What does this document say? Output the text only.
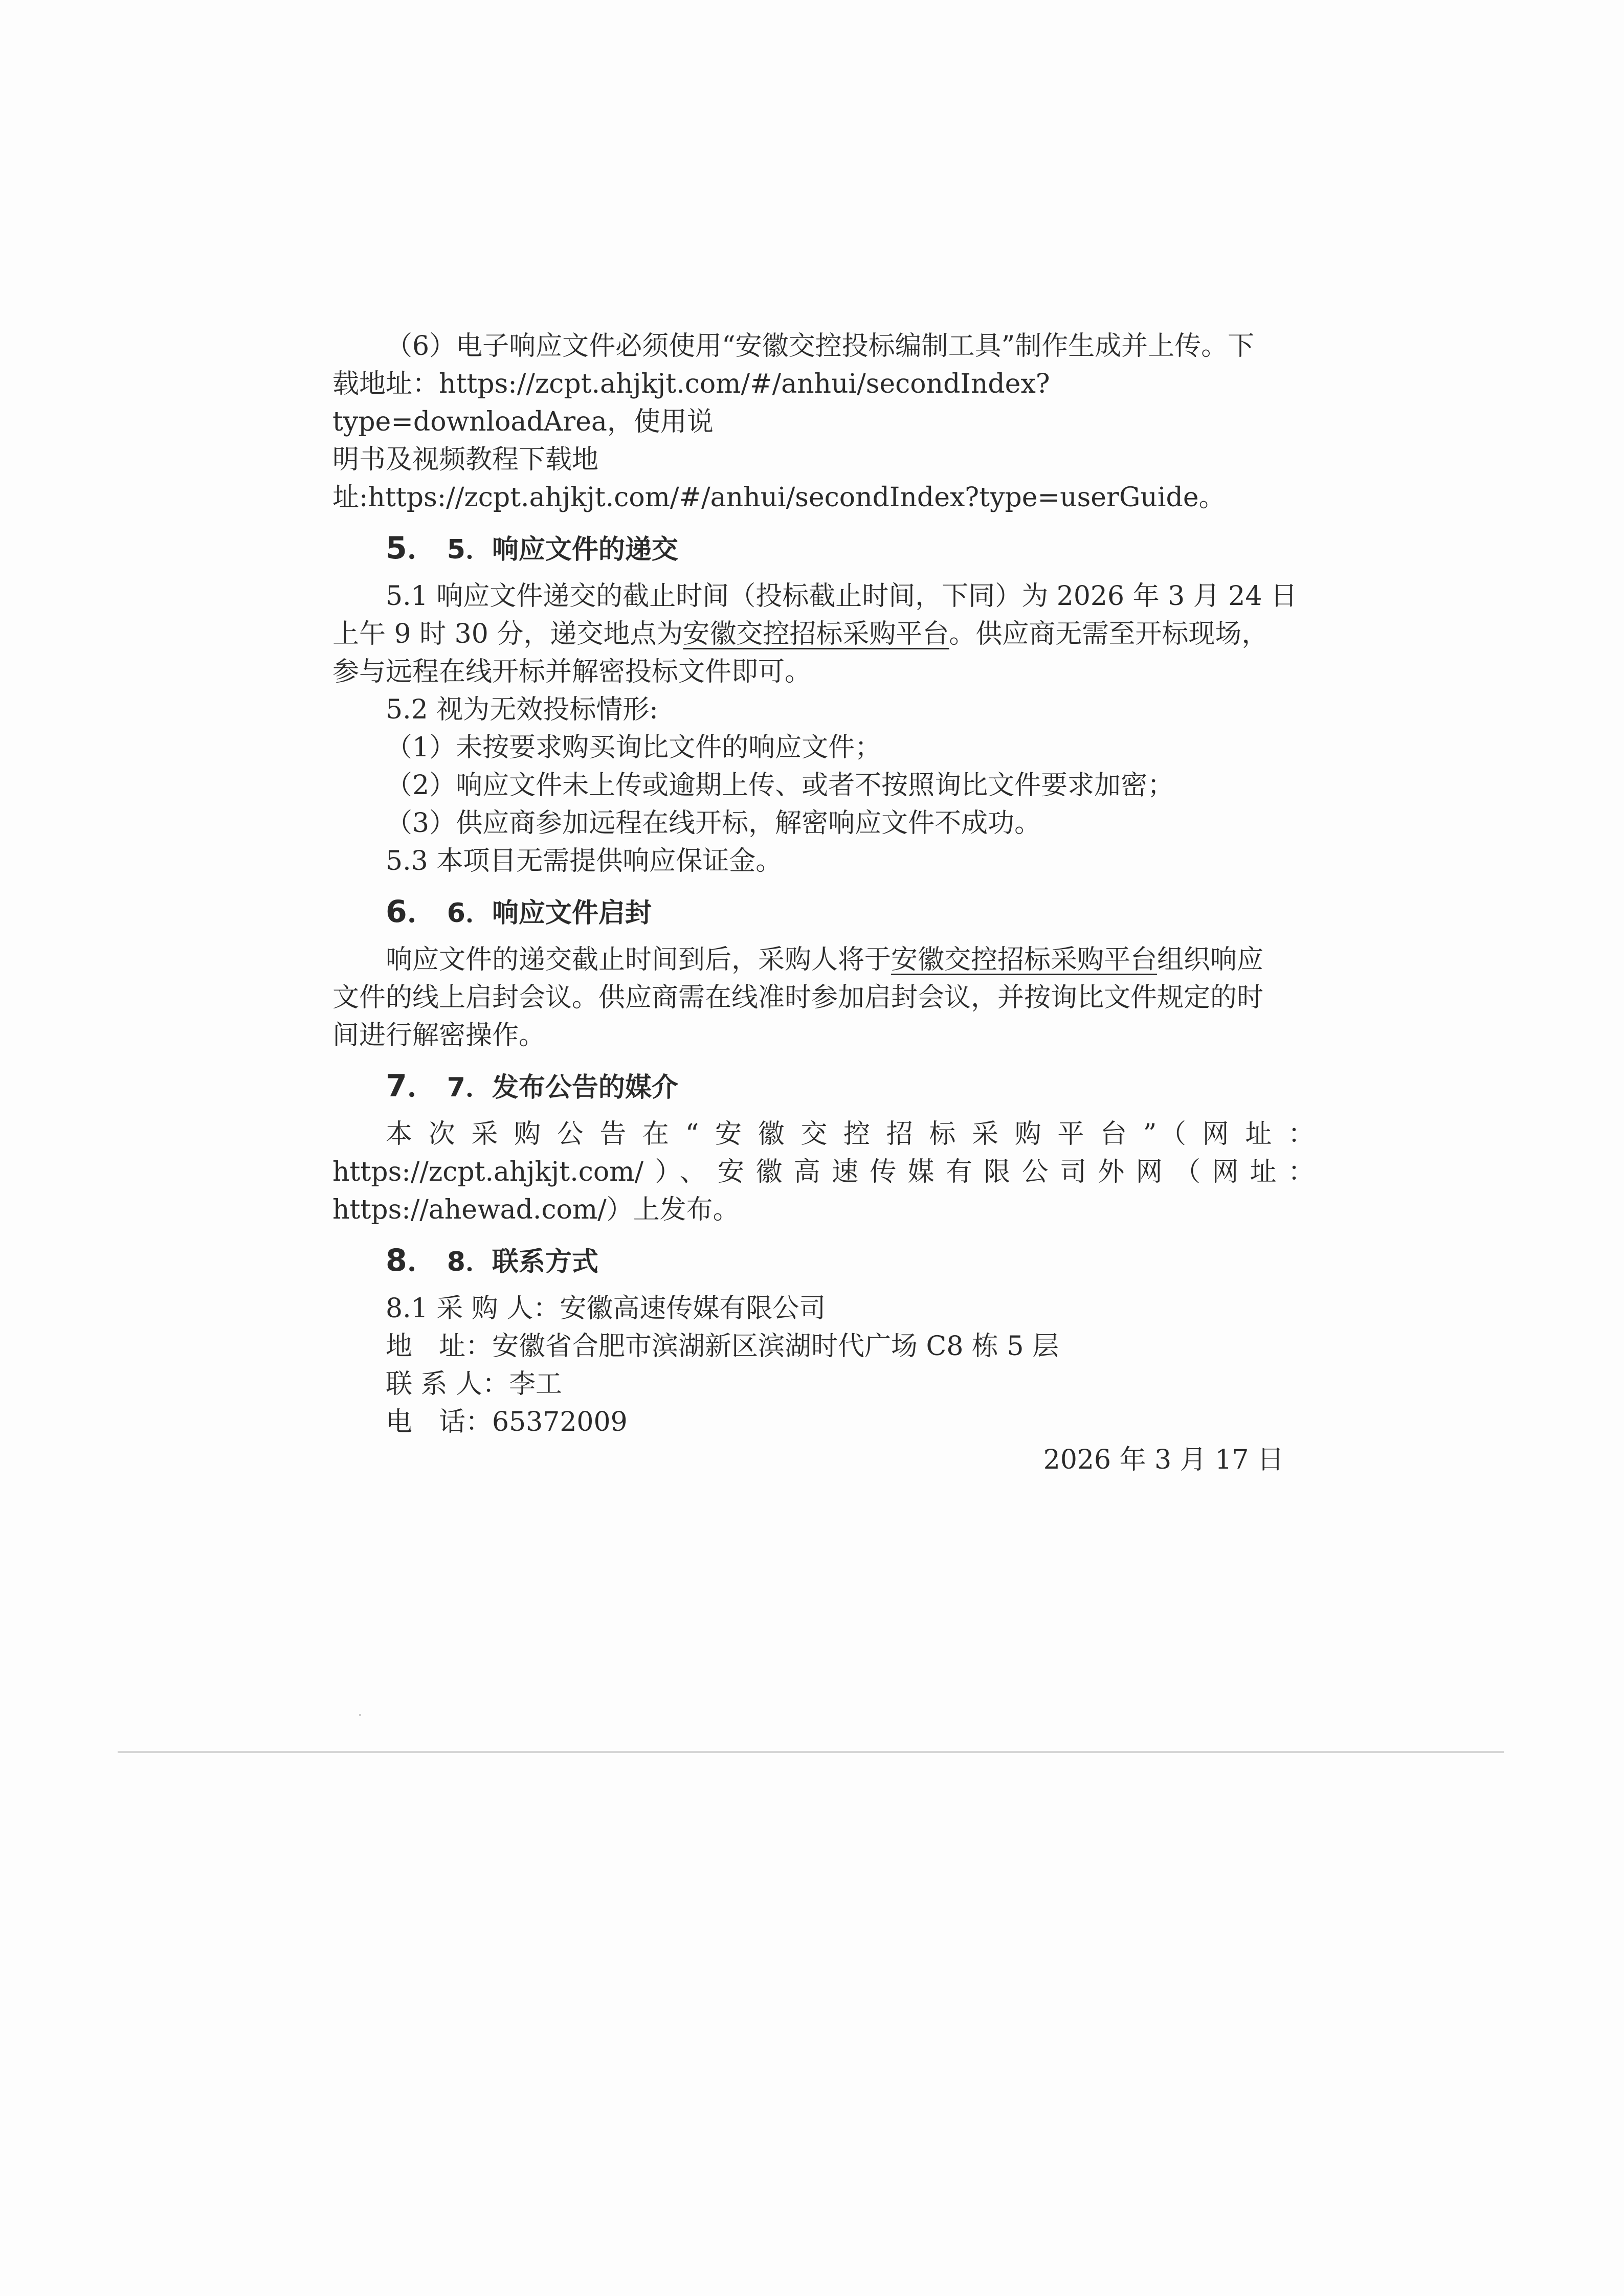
（6）电子响应文件必须使用“安徽交控投标编制工具”制作生成并上传。下

载地址：https://zcpt.ahjkjt.com/#/anhui/secondIndex?type=downloadArea，使用说

明书及视频教程下载地

址:https://zcpt.ahjkjt.com/#/anhui/secondIndex?type=userGuide。

5． 5．响应文件的递交

5.1 响应文件递交的截止时间（投标截止时间，下同）为 2026 年 3 月 24 日

上午 9 时 30 分，递交地点为安徽交控招标采购平台。供应商无需至开标现场，

参与远程在线开标并解密投标文件即可。

5.2 视为无效投标情形:

（1）未按要求购买询比文件的响应文件；

（2）响应文件未上传或逾期上传、或者不按照询比文件要求加密；

（3）供应商参加远程在线开标，解密响应文件不成功。

5.3 本项目无需提供响应保证金。

6． 6．响应文件启封

响应文件的递交截止时间到后，采购人将于安徽交控招标采购平台组织响应

文件的线上启封会议。供应商需在线准时参加启封会议，并按询比文件规定的时

间进行解密操作。

7． 7．发布公告的媒介

本次采购公告在“安徽交控招标采购平台”（网址：

https://zcpt.ahjkjt.com/）、安徽高速传媒有限公司外网（网址：

https://ahewad.com/）上发布。

8． 8．联系方式

8.1 采 购 人：安徽高速传媒有限公司

地　址：安徽省合肥市滨湖新区滨湖时代广场 C8 栋 5 层

联 系 人：李工

电　话：65372009

2026 年 3 月 17 日
